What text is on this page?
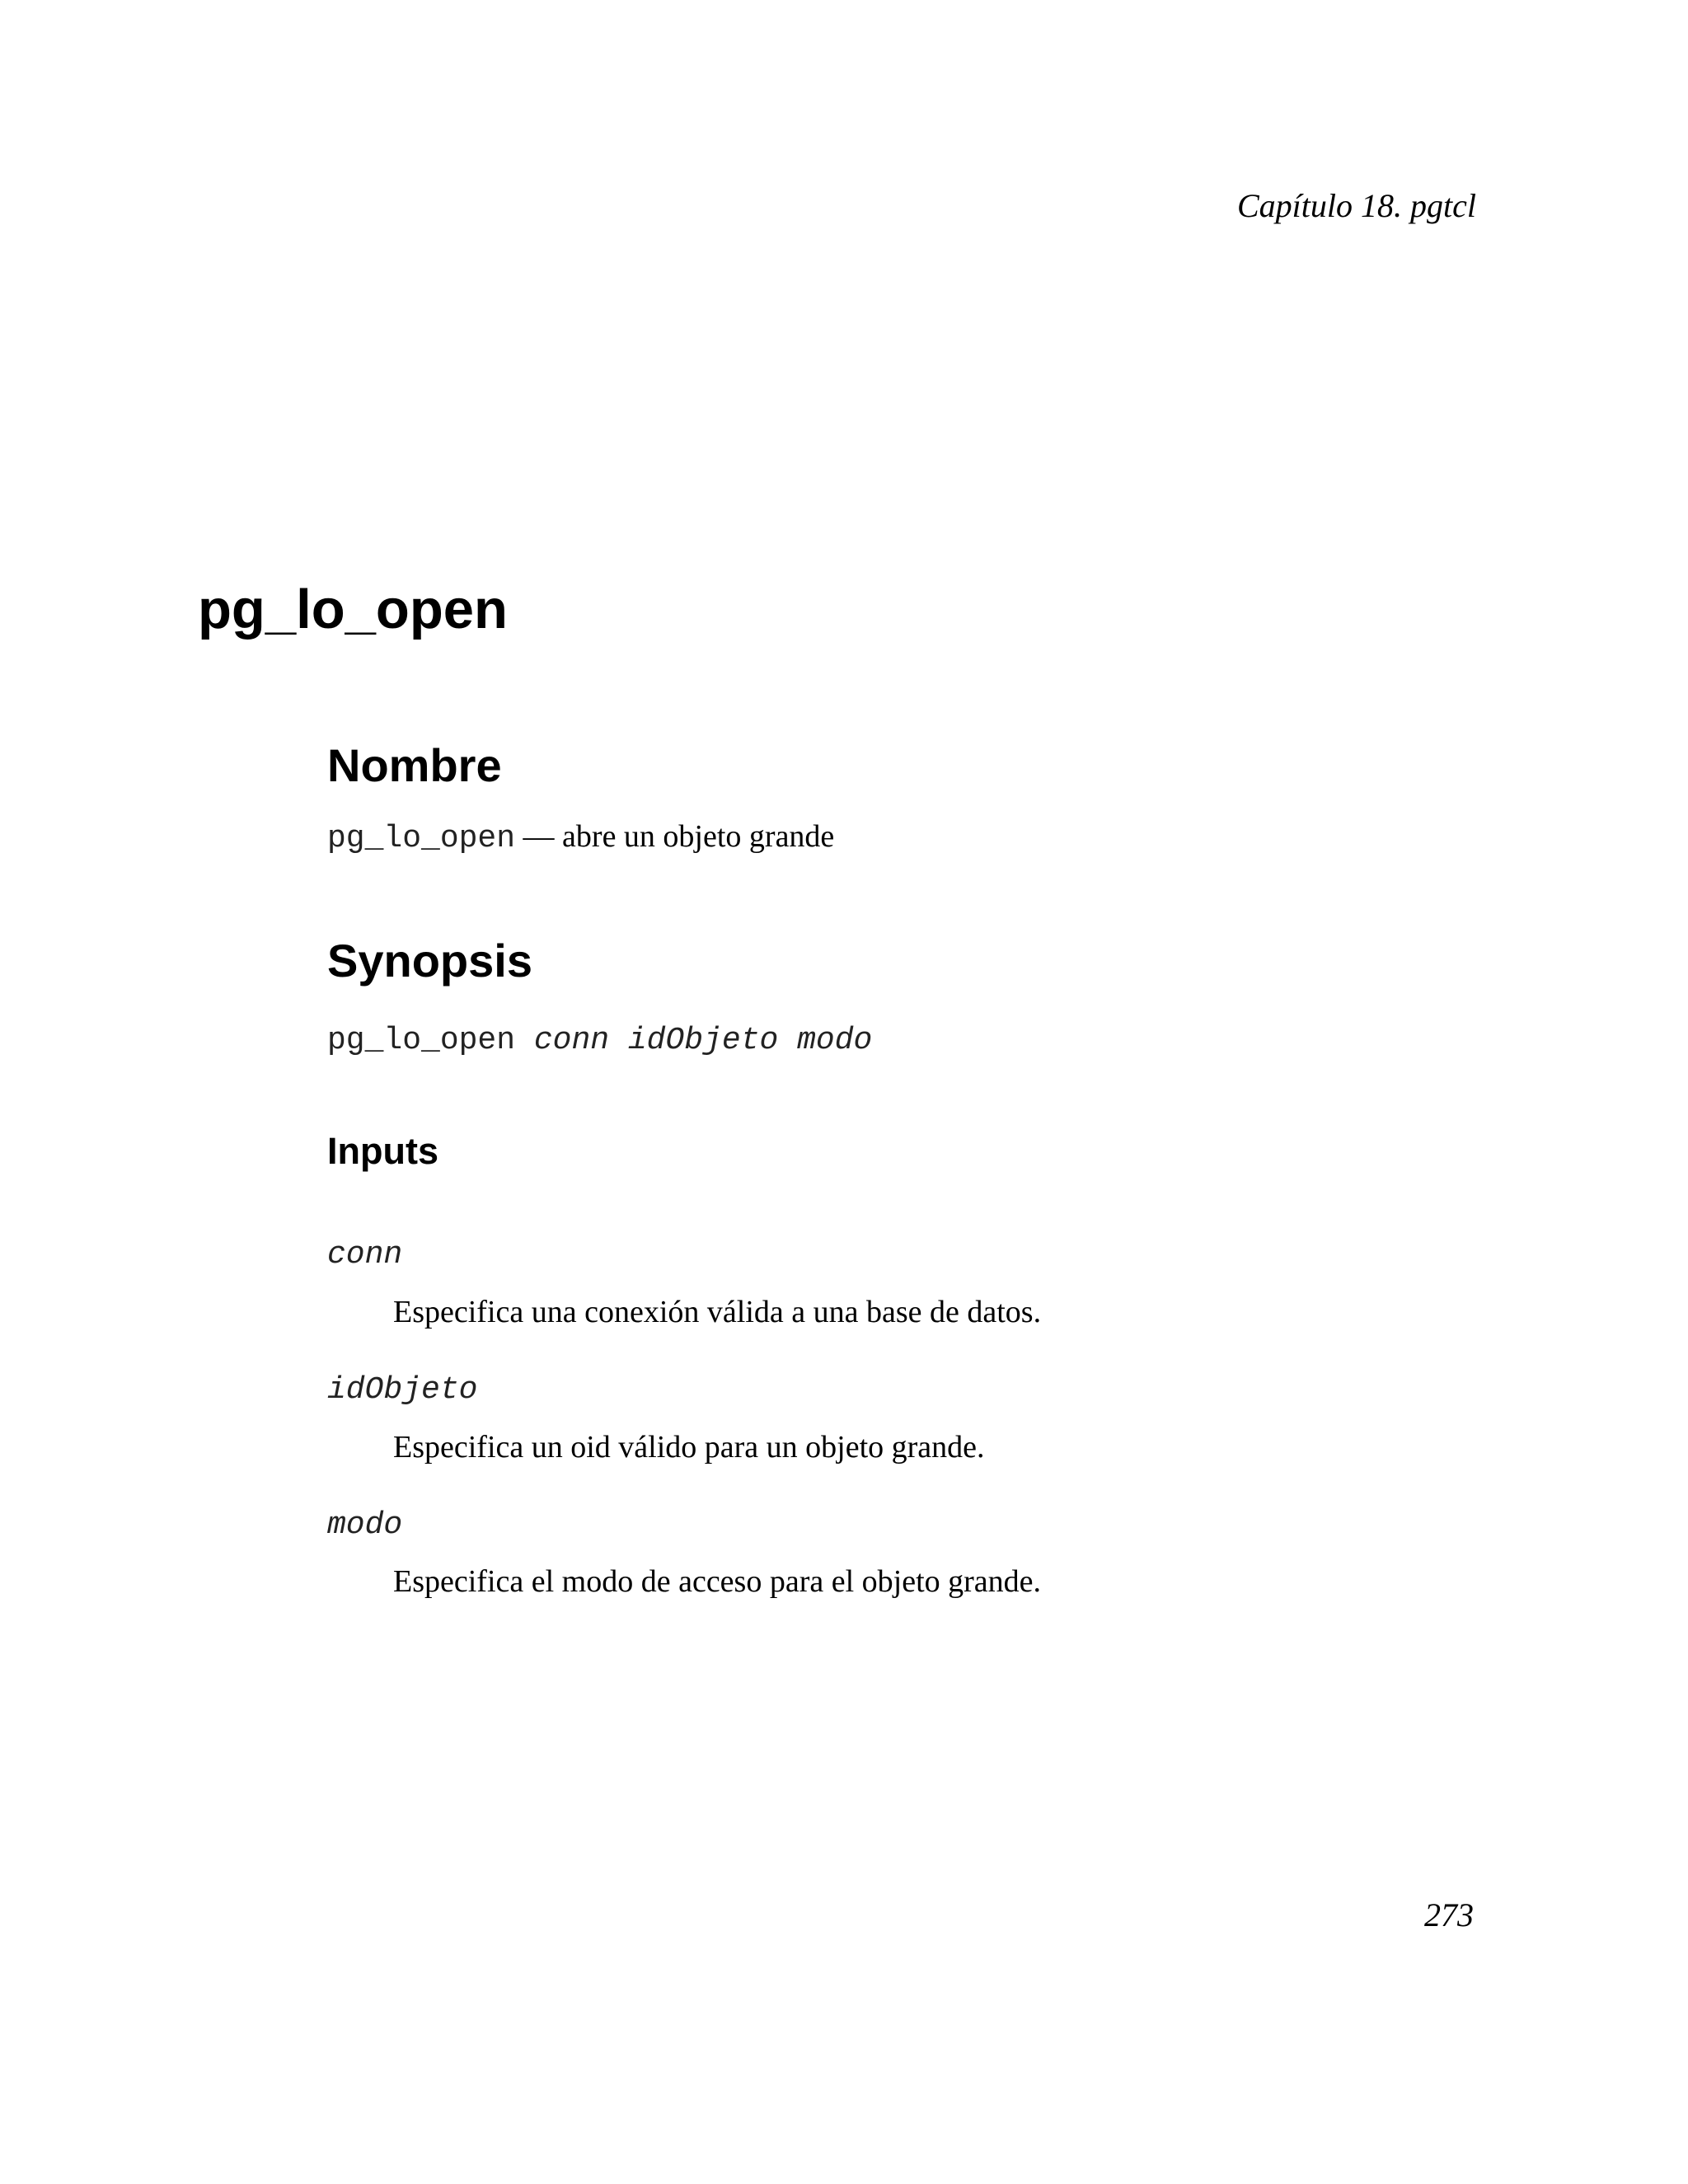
Capítulo 18. pgtcl
pg_lo_open
Nombre

pg_lo_open — abre un objeto grande

Synopsis

pg_lo_open conn idObjeto modo

Inputs

conn

Especifica una conexión válida a una base de datos.

idObjeto

Especifica un oid válido para un objeto grande.

modo

Especifica el modo de acceso para el objeto grande.

273
